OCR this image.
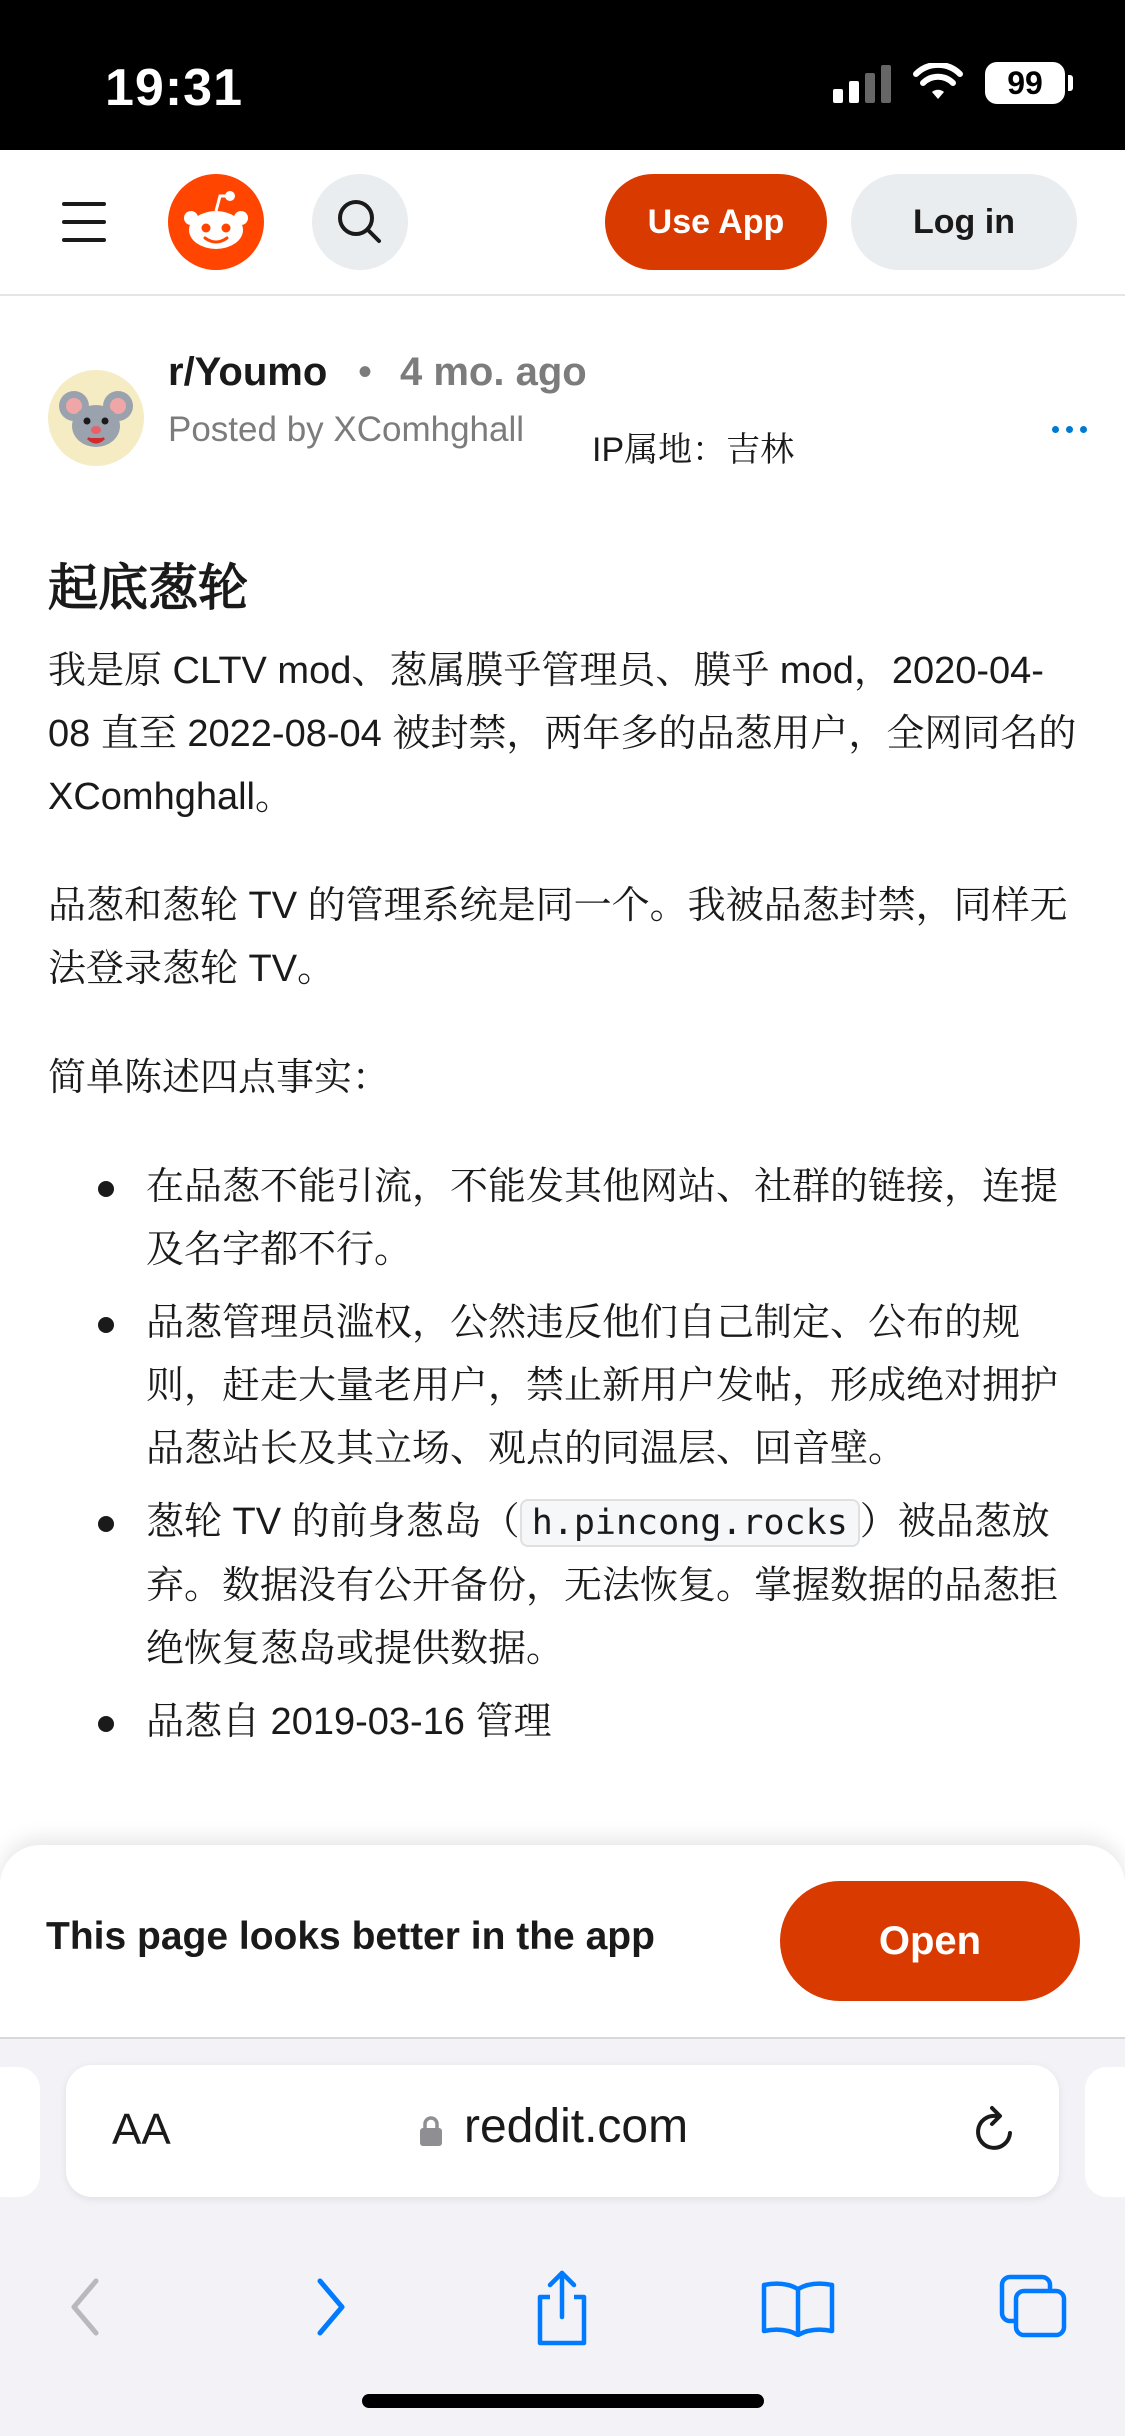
19:31	99
Use App	Log in
r/Youmo • 4 mo. ago
Posted by XComhghall
IP属地：吉林
起底葱轮

我是原 CLTV mod、葱属膜乎管理员、膜乎 mod，2020-04-08 直至 2022-08-04 被封禁，两年多的品葱用户，全网同名的 XComhghall。

品葱和葱轮 TV 的管理系统是同一个。我被品葱封禁，同样无法登录葱轮 TV。

简单陈述四点事实：

在品葱不能引流，不能发其他网站、社群的链接，连提及名字都不行。
品葱管理员滥权，公然违反他们自己制定、公布的规则，赶走大量老用户，禁止新用户发帖，形成绝对拥护品葱站长及其立场、观点的同温层、回音壁。
葱轮 TV 的前身葱岛（ h.pincong.rocks ）被品葱放弃。数据没有公开备份，无法恢复。掌握数据的品葱拒绝恢复葱岛或提供数据。
品葱自 2019-03-16 管理
This page looks better in the app	Open
AA	reddit.com
